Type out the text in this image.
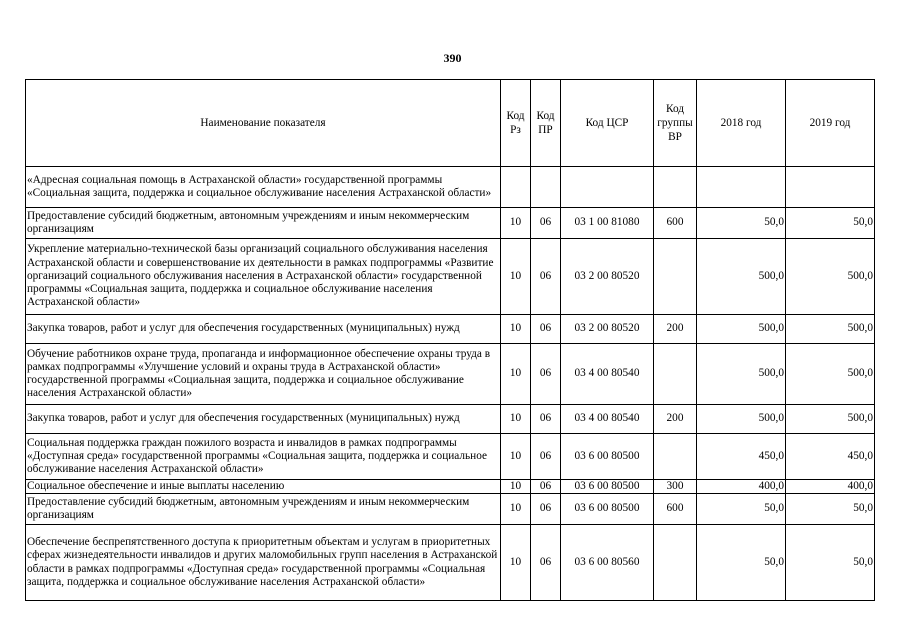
390
Наименование показателя	Код Рз	Код ПР	Код ЦСР	Код группы ВР	2018 год	2019 год
«Адресная социальная помощь в Астраханской области» государственной программы «Социальная защита, поддержка и социальное обслуживание населения Астраханской области»						
Предоставление субсидий бюджетным, автономным учреждениям и иным некоммерческим организациям	10	06	03 1 00 81080	600	50,0	50,0
Укрепление материально-технической базы организаций социального обслуживания населения Астраханской области и совершенствование их деятельности в рамках подпрограммы «Развитие организаций социального обслуживания населения в Астраханской области» государственной программы «Социальная защита, поддержка и социальное обслуживание населения Астраханской области»	10	06	03 2 00 80520		500,0	500,0
Закупка товаров, работ и услуг для обеспечения государственных (муниципальных) нужд	10	06	03 2 00 80520	200	500,0	500,0
Обучение работников охране труда, пропаганда и информационное обеспечение охраны труда в рамках подпрограммы «Улучшение условий и охраны труда в Астраханской области» государственной программы «Социальная защита, поддержка и социальное обслуживание населения Астраханской области»	10	06	03 4 00 80540		500,0	500,0
Закупка товаров, работ и услуг для обеспечения государственных (муниципальных) нужд	10	06	03 4 00 80540	200	500,0	500,0
Социальная поддержка граждан пожилого возраста и инвалидов в рамках подпрограммы «Доступная среда» государственной программы «Социальная защита, поддержка и социальное обслуживание населения Астраханской области»	10	06	03 6 00 80500		450,0	450,0
Социальное обеспечение и иные выплаты населению	10	06	03 6 00 80500	300	400,0	400,0
Предоставление субсидий бюджетным, автономным учреждениям и иным некоммерческим организациям	10	06	03 6 00 80500	600	50,0	50,0
Обеспечение беспрепятственного доступа к приоритетным объектам и услугам в приоритетных сферах жизнедеятельности инвалидов и других маломобильных групп населения в Астраханской области в рамках подпрограммы «Доступная среда» государственной программы «Социальная защита, поддержка и социальное обслуживание населения Астраханской области»	10	06	03 6 00 80560		50,0	50,0
